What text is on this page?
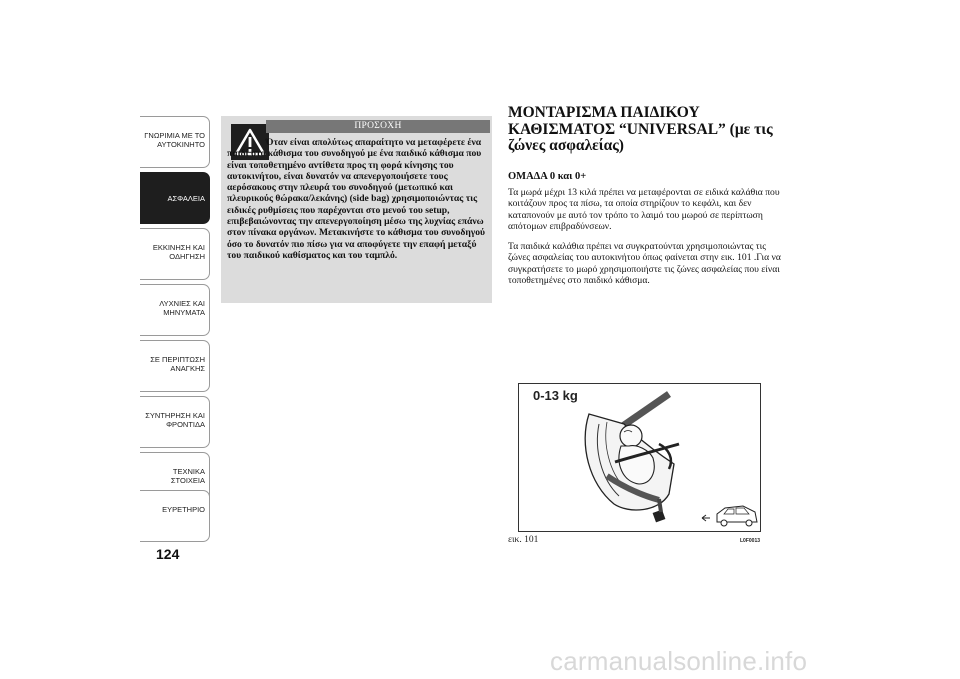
ΓΝΩΡΙΜΙΑ ΜΕ ΤΟ
ΑΥΤΟΚΙΝΗΤΟ
ΑΣΦΑΛΕΙΑ
ΕΚΚΙΝΗΣΗ ΚΑΙ
ΟΔΗΓΗΣΗ
ΛΥΧΝΙΕΣ ΚΑΙ
ΜΗΝΥΜΑΤΑ
ΣΕ ΠΕΡΙΠΤΩΣΗ
ΑΝΑΓΚΗΣ
ΣΥΝΤΗΡΗΣΗ ΚΑΙ
ΦΡΟΝΤΙΔΑ
ΤΕΧΝΙΚΑ ΣΤΟΙΧΕΙΑ
ΕΥΡΕΤΗΡΙΟ
124
ΠΡΟΣΟΧΗ

Όταν είναι απολύτως απαραίτητο να μεταφέρετε ένα παιδί στο κάθισμα του συνοδηγού με ένα παιδικό κάθισμα που είναι τοποθετημένο αντίθετα προς τη φορά κίνησης του αυτοκινήτου, είναι δυνατόν να απενεργοποιήσετε τους αερόσακους στην πλευρά του συνοδηγού (μετωπικό και πλευρικούς θώρακα/λεκάνης) (side bag) χρησιμοποιώντας τις ειδικές ρυθμίσεις που παρέχονται στο μενού του setup, επιβεβαιώνοντας την απενεργοποίηση μέσω της λυχνίας επάνω στον πίνακα οργάνων. Μετακινήστε το κάθισμα του συνοδηγού όσο το δυνατόν πιο πίσω για να αποφύγετε την επαφή μεταξύ του παιδικού καθίσματος και του ταμπλό.

ΜΟΝΤΑΡΙΣΜΑ ΠΑΙΔΙΚΟΥ ΚΑΘΙΣΜΑΤΟΣ “UNIVERSAL” (με τις ζώνες ασφαλείας)
ΟΜΑΔΑ 0 και 0+

Τα μωρά μέχρι 13 κιλά πρέπει να μεταφέρονται σε ειδικά καλάθια που κοιτάζουν προς τα πίσω, τα οποία στηρίζουν το κεφάλι, και δεν καταπονούν με αυτό τον τρόπο το λαιμό του μωρού σε περίπτωση απότομων επιβραδύνσεων.

Τα παιδικά καλάθια πρέπει να συγκρατούνται χρησιμοποιώντας τις ζώνες ασφαλείας του αυτοκινήτου όπως φαίνεται στην εικ. 101 .Για να συγκρατήσετε το μωρό χρησιμοποιήστε τις ζώνες ασφαλείας που είναι τοποθετημένες στο παιδικό κάθισμα.

0-13 kg
εικ. 101	L0F0013
carmanualsonline.info
